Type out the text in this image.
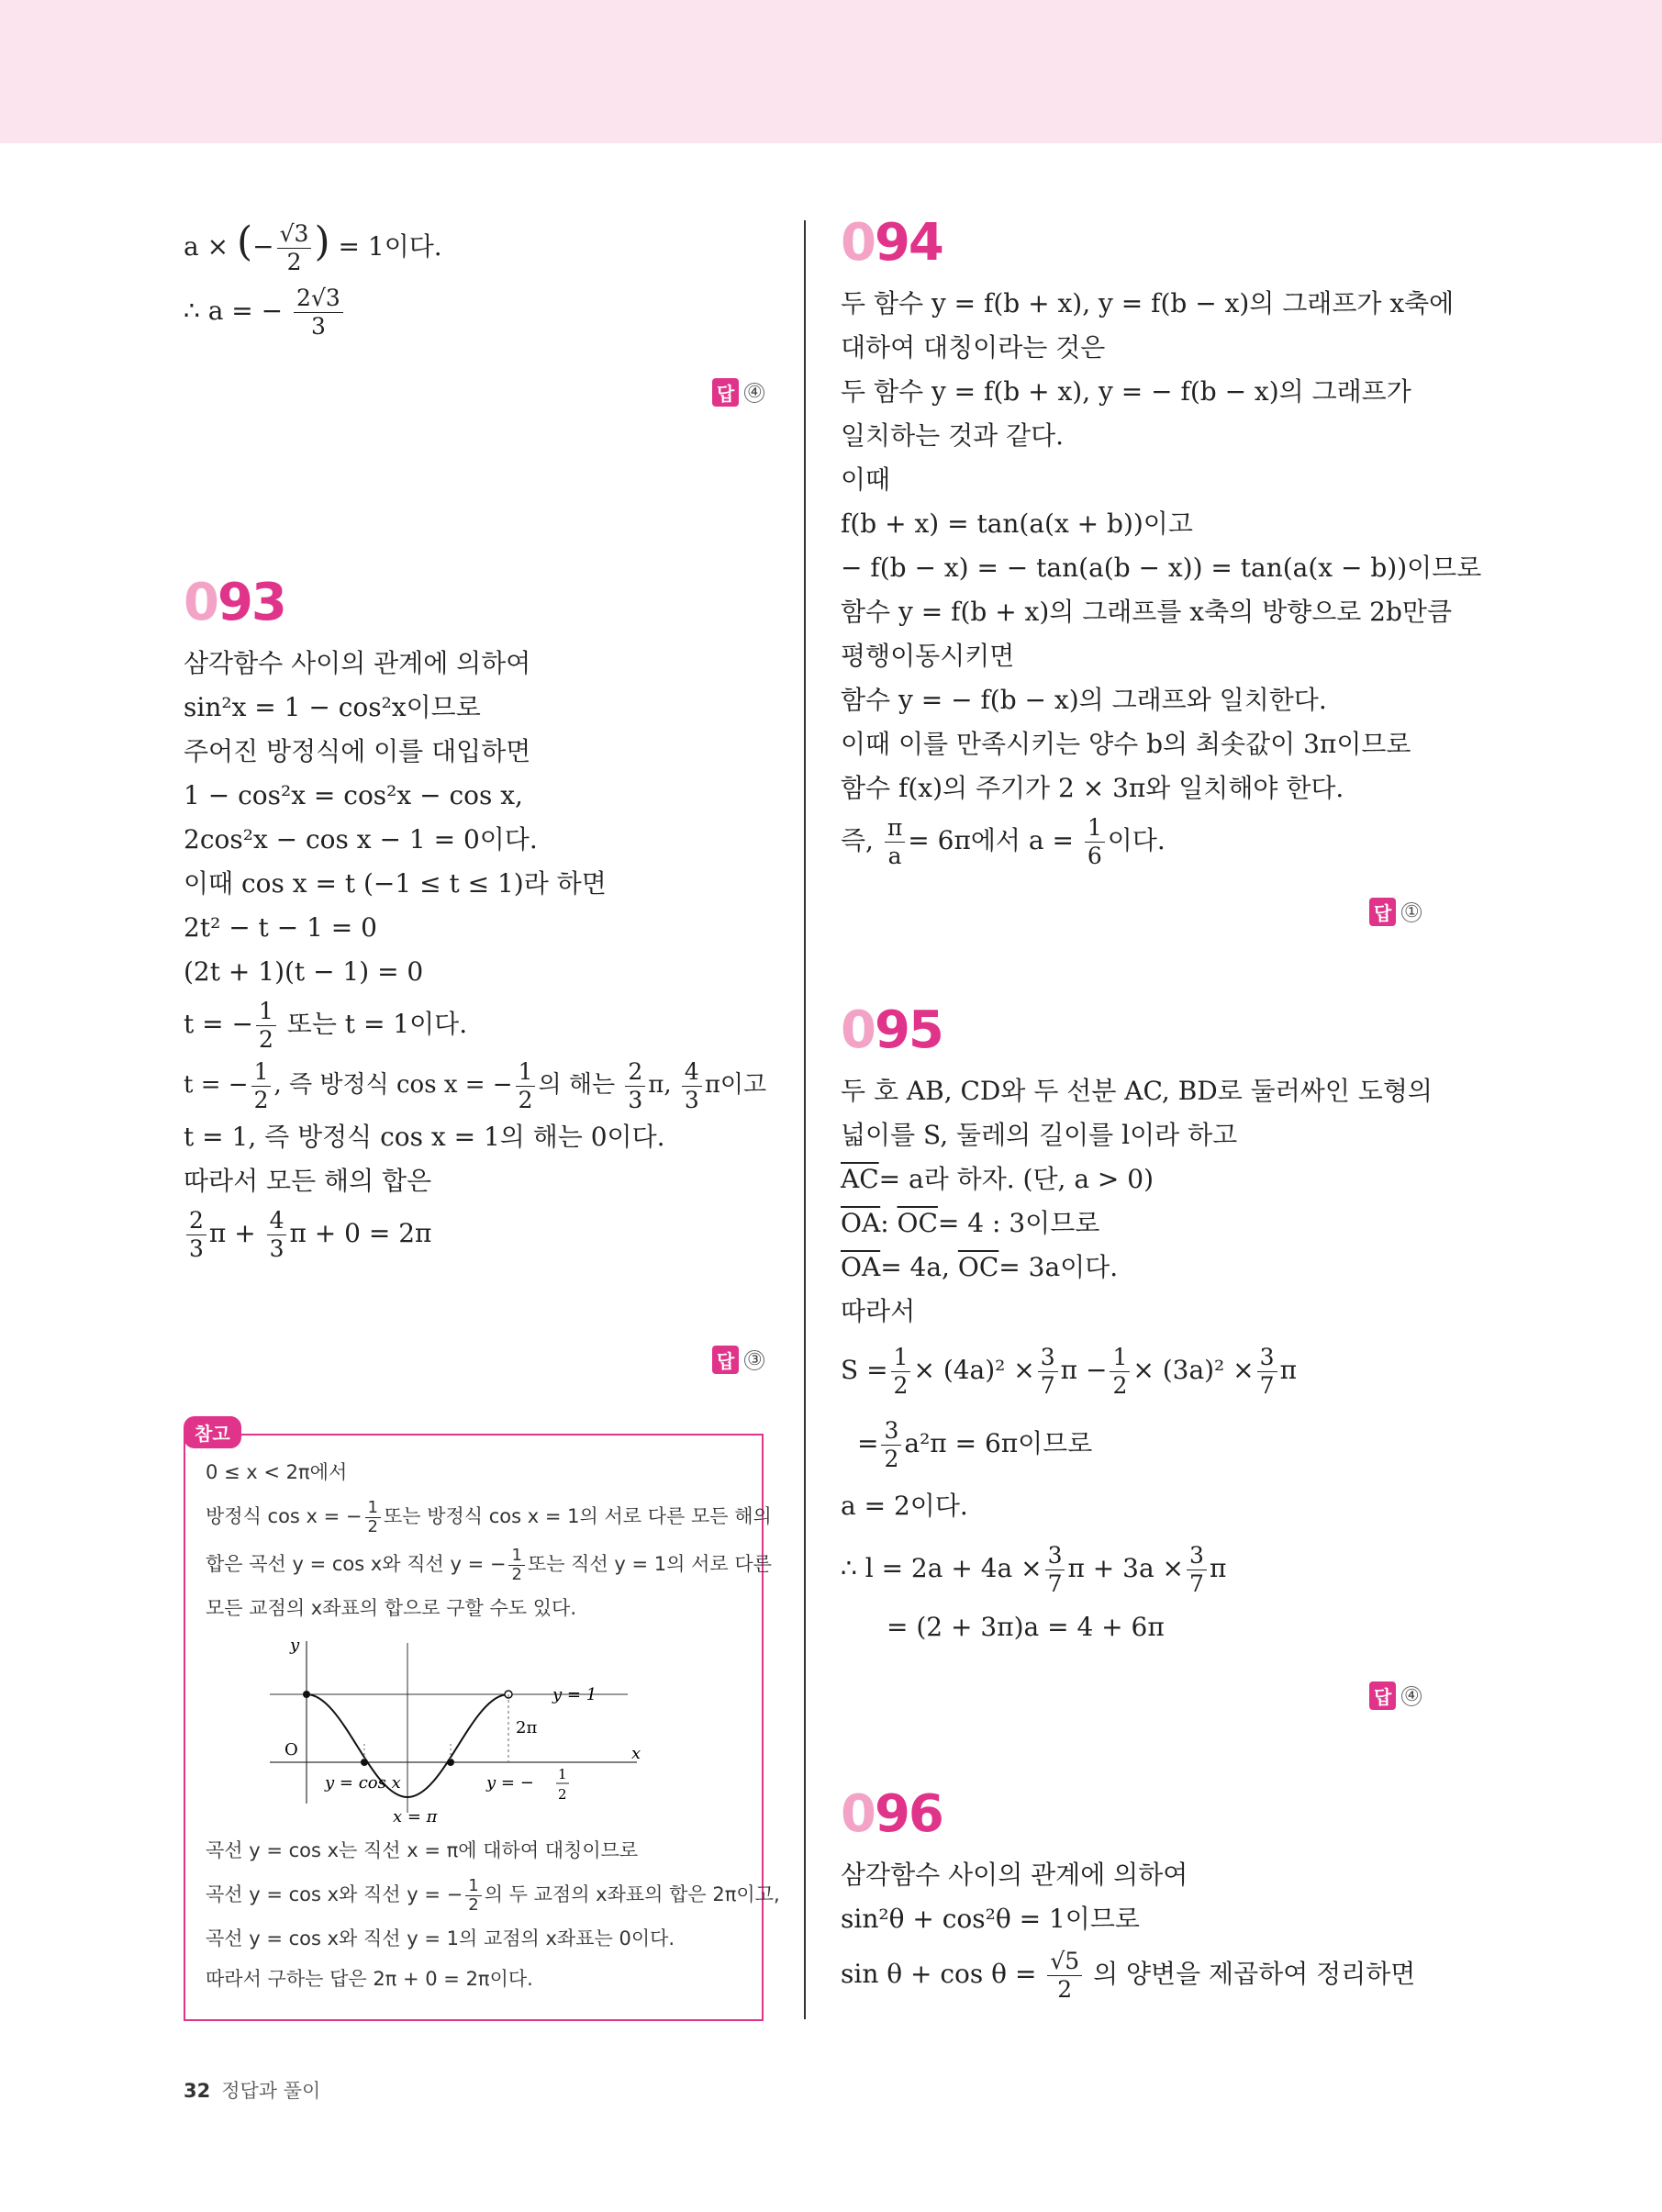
a × (− $\frac{√3}{2}$ ) = 1이다.

∴ a = − $\frac{2√3}{3}$

답 ④

093

삼각함수 사이의 관계에 의하여

sin²x = 1 − cos²x이므로

주어진 방정식에 이를 대입하면

1 − cos²x = cos²x − cos x,

2cos²x − cos x − 1 = 0이다.

이때 cos x = t (−1 ≤ t ≤ 1)라 하면

2t² − t − 1 = 0

(2t + 1)(t − 1) = 0

t = − $\frac{1}{2}$ 또는 t = 1이다.

t = − $\frac{1}{2}$ , 즉 방정식 cos x = − $\frac{1}{2}$ 의 해는 $\frac{2}{3} \pi$, $\frac{4}{3}$ π이고

t = 1, 즉 방정식 cos x = 1의 해는 0이다.

따라서 모든 해의 합은

$\frac{2}{3}$ $\pi + \frac{4}{3}$ π + 0 = 2π

답 ③
참고

0 ≤ x < 2π에서

방정식 cos x = − $\frac{1}{2}$ 또는 방정식 cos x = 1의 서로 다른 모든 해의

합은 곡선 y = cos x와 직선 y = − $\frac{1}{2}$ 또는 직선 y = 1의 서로 다른

모든 교점의 x좌표의 합으로 구할 수도 있다.

y
x
O
y = 1
2π
y = cos x	y = − 1
2
x = π

곡선 y = cos x는 직선 x = π에 대하여 대칭이므로

곡선 y = cos x와 직선 y = − $\frac{1}{2}$ 의 두 교점의 x좌표의 합은 2π이고,

곡선 y = cos x와 직선 y = 1의 교점의 x좌표는 0이다.

따라서 구하는 답은 2π + 0 = 2π이다.

094

두 함수 y = f(b + x), y = f(b − x)의 그래프가 x축에

대하여 대칭이라는 것은

두 함수 y = f(b + x), y = − f(b − x)의 그래프가

일치하는 것과 같다.

이때

f(b + x) = tan(a(x + b))이고

− f(b − x) = − tan(a(b − x)) = tan(a(x − b))이므로

함수 y = f(b + x)의 그래프를 x축의 방향으로 2b만큼

평행이동시키면

함수 y = − f(b − x)의 그래프와 일치한다.

이때 이를 만족시키는 양수 b의 최솟값이 3π이므로

함수 f(x)의 주기가 2 × 3π와 일치해야 한다.

즉, $\frac{\pi}{a} = 6\pi$에서 $a = \frac{1}{6}$ 이다.

답 ①

095

두 호 AB, CD와 두 선분 AC, BD로 둘러싸인 도형의

넓이를 S, 둘레의 길이를 l이라 하고

$\overline{AC}= a$라 하자. (단, a > 0)

$\overline{OA}$: $\overline{OC}= 4$ : 3이므로

$\overline{OA}= 4a$, $\overline{OC}= 3a$이다.

따라서

$S = \frac{1}{2} \times (4a)^2 \times \frac{3}{7}$ $\pi - \frac{1}{2} \times (3a)^2 \times \frac{3}{7}$ π

= $\frac{3}{2} a^2\pi = 6\pi$이므로

a = 2이다.

∴ $l = 2a + 4a \times \frac{3}{7}$ $\pi + 3a \times \frac{3}{7}$ π

= (2 + 3π)a = 4 + 6π

답 ④

096

삼각함수 사이의 관계에 의하여

sin²θ + cos²θ = 1이므로

$\sin \theta + \cos \theta = \frac{√5}{2}$ 의 양변을 제곱하여 정리하면

32 정답과 풀이
